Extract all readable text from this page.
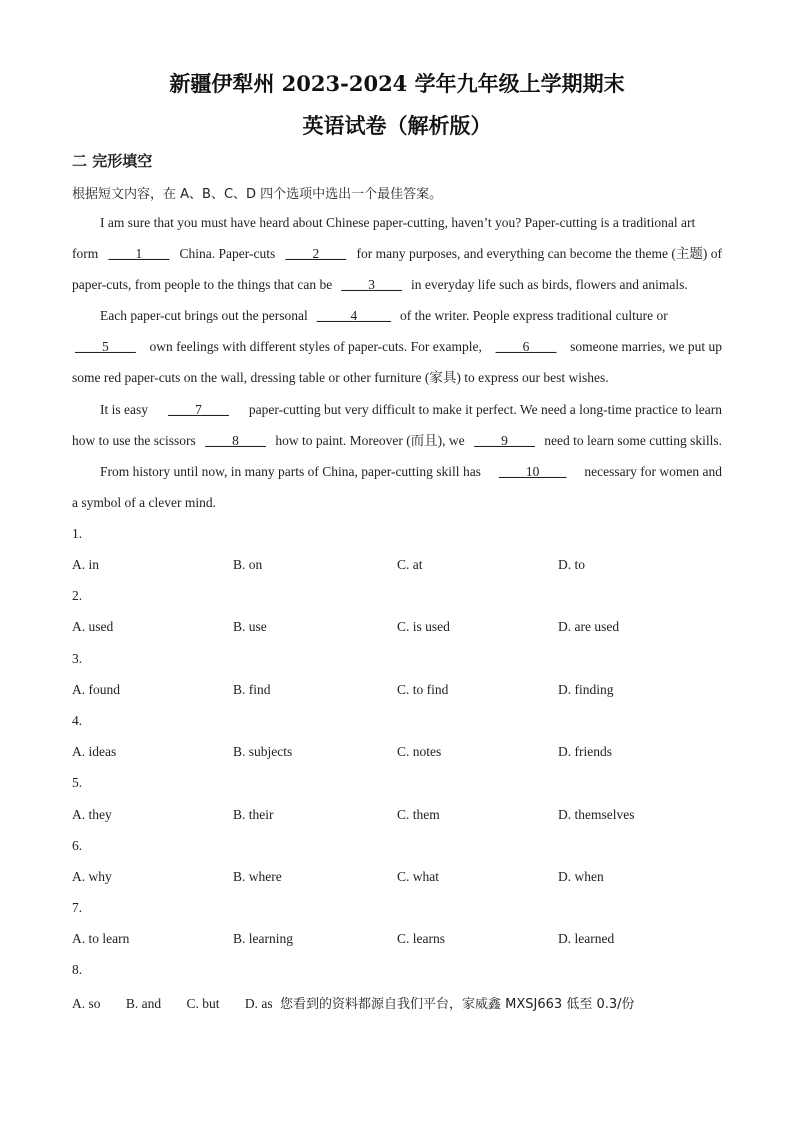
新疆伊犁州 2023-2024 学年九年级上学期期末
英语试卷（解析版）
二 完形填空
根据短文内容，在 A、B、C、D 四个选项中选出一个最佳答案。
I am sure that you must have heard about Chinese paper-cutting, haven’t you? Paper-cutting is a traditional art
form ____1____ China. Paper-cuts ____2____ for many purposes, and everything can become the theme (主题) of
paper-cuts, from people to the things that can be ____3____ in everyday life such as birds, flowers and animals.
Each paper-cut brings out the personal _____4_____ of the writer. People express traditional culture or
____5____ own feelings with different styles of paper-cuts. For example, ____6____ someone marries, we put up
some red paper-cuts on the wall, dressing table or other furniture (家具) to express our best wishes.
It is easy ____7____ paper-cutting but very difficult to make it perfect. We need a long-time practice to learn
how to use the scissors ____8____ how to paint. Moreover (而且), we ____9____ need to learn some cutting skills.
From history until now, in many parts of China, paper-cutting skill has ____10____ necessary for women and
a symbol of a clever mind.
1.
A. in	B. on	C. at	D. to
2.
A. used	B. use	C. is used	D. are used
3.
A. found	B. find	C. to find	D. finding
4.
A. ideas	B. subjects	C. notes	D. friends
5.
A. they	B. their	C. them	D. themselves
6.
A. why	B. where	C. what	D. when
7.
A. to learn	B. learning	C. learns	D. learned
8.
A. so B. and C. but D. as 您看到的资料都源自我们平台，家威鑫 MXSJ663 低至 0.3/份
